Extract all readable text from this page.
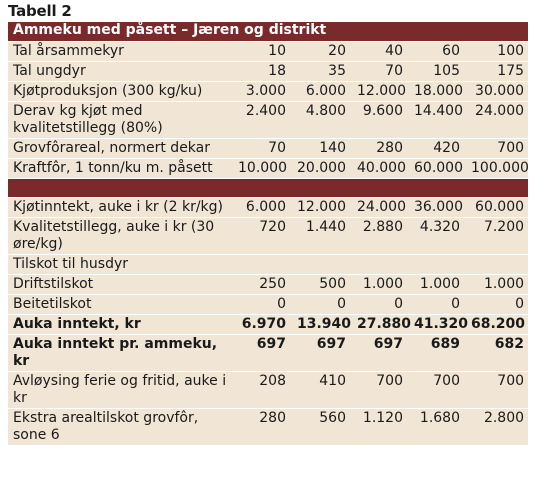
Tabell 2
Ammeku med påsett – Jæren og distrikt					
Tal årsammekyr	10	20	40	60	100
Tal ungdyr	18	35	70	105	175
Kjøtproduksjon (300 kg/ku)	3.000	6.000	12.000	18.000	30.000
Derav kg kjøt med kvalitetstillegg (80%)	2.400	4.800	9.600	14.400	24.000
Grovfôrareal, normert dekar	70	140	280	420	700
Kraftfôr, 1 tonn/ku m. påsett	10.000	20.000	40.000	60.000	100.000

Kjøtinntekt, auke i kr (2 kr/kg)	6.000	12.000	24.000	36.000	60.000
Kvalitetstillegg, auke i kr (30 øre/kg)	720	1.440	2.880	4.320	7.200
Tilskot til husdyr					
Driftstilskot	250	500	1.000	1.000	1.000
Beitetilskot	0	0	0	0	0
Auka inntekt, kr	6.970	13.940	27.880	41.320	68.200
Auka inntekt pr. ammeku, kr	697	697	697	689	682
Avløysing ferie og fritid, auke i kr	208	410	700	700	700
Ekstra arealtilskot grovfôr, sone 6	280	560	1.120	1.680	2.800
